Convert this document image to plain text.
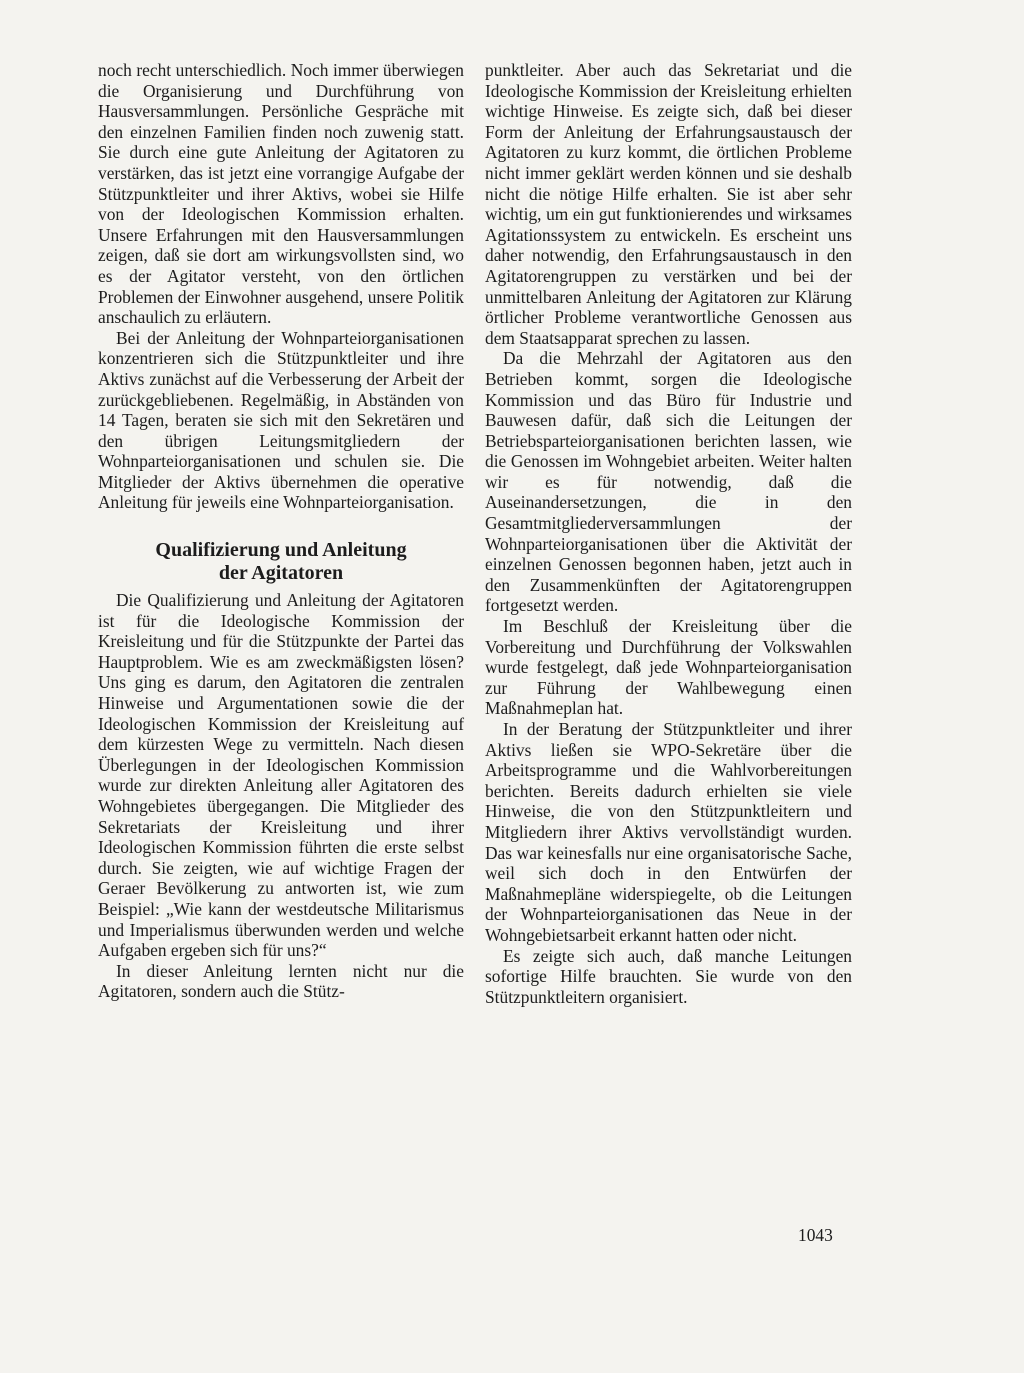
noch recht unterschiedlich. Noch immer überwiegen die Organisierung und Durchführung von Hausversammlungen. Persönliche Gespräche mit den einzelnen Familien finden noch zuwenig statt. Sie durch eine gute Anleitung der Agitatoren zu verstärken, das ist jetzt eine vorrangige Aufgabe der Stützpunktleiter und ihrer Aktivs, wobei sie Hilfe von der Ideologischen Kommission erhalten. Unsere Erfahrungen mit den Hausversammlungen zeigen, daß sie dort am wirkungsvollsten sind, wo es der Agitator versteht, von den örtlichen Problemen der Einwohner ausgehend, unsere Politik anschaulich zu erläutern.

Bei der Anleitung der Wohnparteiorganisationen konzentrieren sich die Stützpunktleiter und ihre Aktivs zunächst auf die Verbesserung der Arbeit der zurückgebliebenen. Regelmäßig, in Abständen von 14 Tagen, beraten sie sich mit den Sekretären und den übrigen Leitungsmitgliedern der Wohnparteiorganisationen und schulen sie. Die Mitglieder der Aktivs übernehmen die operative Anleitung für jeweils eine Wohnparteiorganisation.

Qualifizierung und Anleitung
der Agitatoren

Die Qualifizierung und Anleitung der Agitatoren ist für die Ideologische Kommission der Kreisleitung und für die Stützpunkte der Partei das Hauptproblem. Wie es am zweckmäßigsten lösen? Uns ging es darum, den Agitatoren die zentralen Hinweise und Argumentationen sowie die der Ideologischen Kommission der Kreisleitung auf dem kürzesten Wege zu vermitteln. Nach diesen Überlegungen in der Ideologischen Kommission wurde zur direkten Anleitung aller Agitatoren des Wohngebietes übergegangen. Die Mitglieder des Sekretariats der Kreisleitung und ihrer Ideologischen Kommission führten die erste selbst durch. Sie zeigten, wie auf wichtige Fragen der Geraer Bevölkerung zu antworten ist, wie zum Beispiel: „Wie kann der westdeutsche Militarismus und Imperialismus überwunden werden und welche Aufgaben ergeben sich für uns?“

In dieser Anleitung lernten nicht nur die Agitatoren, sondern auch die Stütz-

punktleiter. Aber auch das Sekretariat und die Ideologische Kommission der Kreisleitung erhielten wichtige Hinweise. Es zeigte sich, daß bei dieser Form der Anleitung der Erfahrungsaustausch der Agitatoren zu kurz kommt, die örtlichen Probleme nicht immer geklärt werden können und sie deshalb nicht die nötige Hilfe erhalten. Sie ist aber sehr wichtig, um ein gut funktionierendes und wirksames Agitationssystem zu entwickeln. Es erscheint uns daher notwendig, den Erfahrungsaustausch in den Agitatorengruppen zu verstärken und bei der unmittelbaren Anleitung der Agitatoren zur Klärung örtlicher Probleme verantwortliche Genossen aus dem Staatsapparat sprechen zu lassen.

Da die Mehrzahl der Agitatoren aus den Betrieben kommt, sorgen die Ideologische Kommission und das Büro für Industrie und Bauwesen dafür, daß sich die Leitungen der Betriebsparteiorganisationen berichten lassen, wie die Genossen im Wohngebiet arbeiten. Weiter halten wir es für notwendig, daß die Auseinandersetzungen, die in den Gesamtmitgliederversammlungen der Wohnparteiorganisationen über die Aktivität der einzelnen Genossen begonnen haben, jetzt auch in den Zusammenkünften der Agitatorengruppen fortgesetzt werden.

Im Beschluß der Kreisleitung über die Vorbereitung und Durchführung der Volkswahlen wurde festgelegt, daß jede Wohnparteiorganisation zur Führung der Wahlbewegung einen Maßnahmeplan hat.

In der Beratung der Stützpunktleiter und ihrer Aktivs ließen sie WPO-Sekretäre über die Arbeitsprogramme und die Wahlvorbereitungen berichten. Bereits dadurch erhielten sie viele Hinweise, die von den Stützpunktleitern und Mitgliedern ihrer Aktivs vervollständigt wurden. Das war keinesfalls nur eine organisatorische Sache, weil sich doch in den Entwürfen der Maßnahmepläne widerspiegelte, ob die Leitungen der Wohnparteiorganisationen das Neue in der Wohngebietsarbeit erkannt hatten oder nicht.

Es zeigte sich auch, daß manche Leitungen sofortige Hilfe brauchten. Sie wurde von den Stützpunktleitern organisiert.

1043
